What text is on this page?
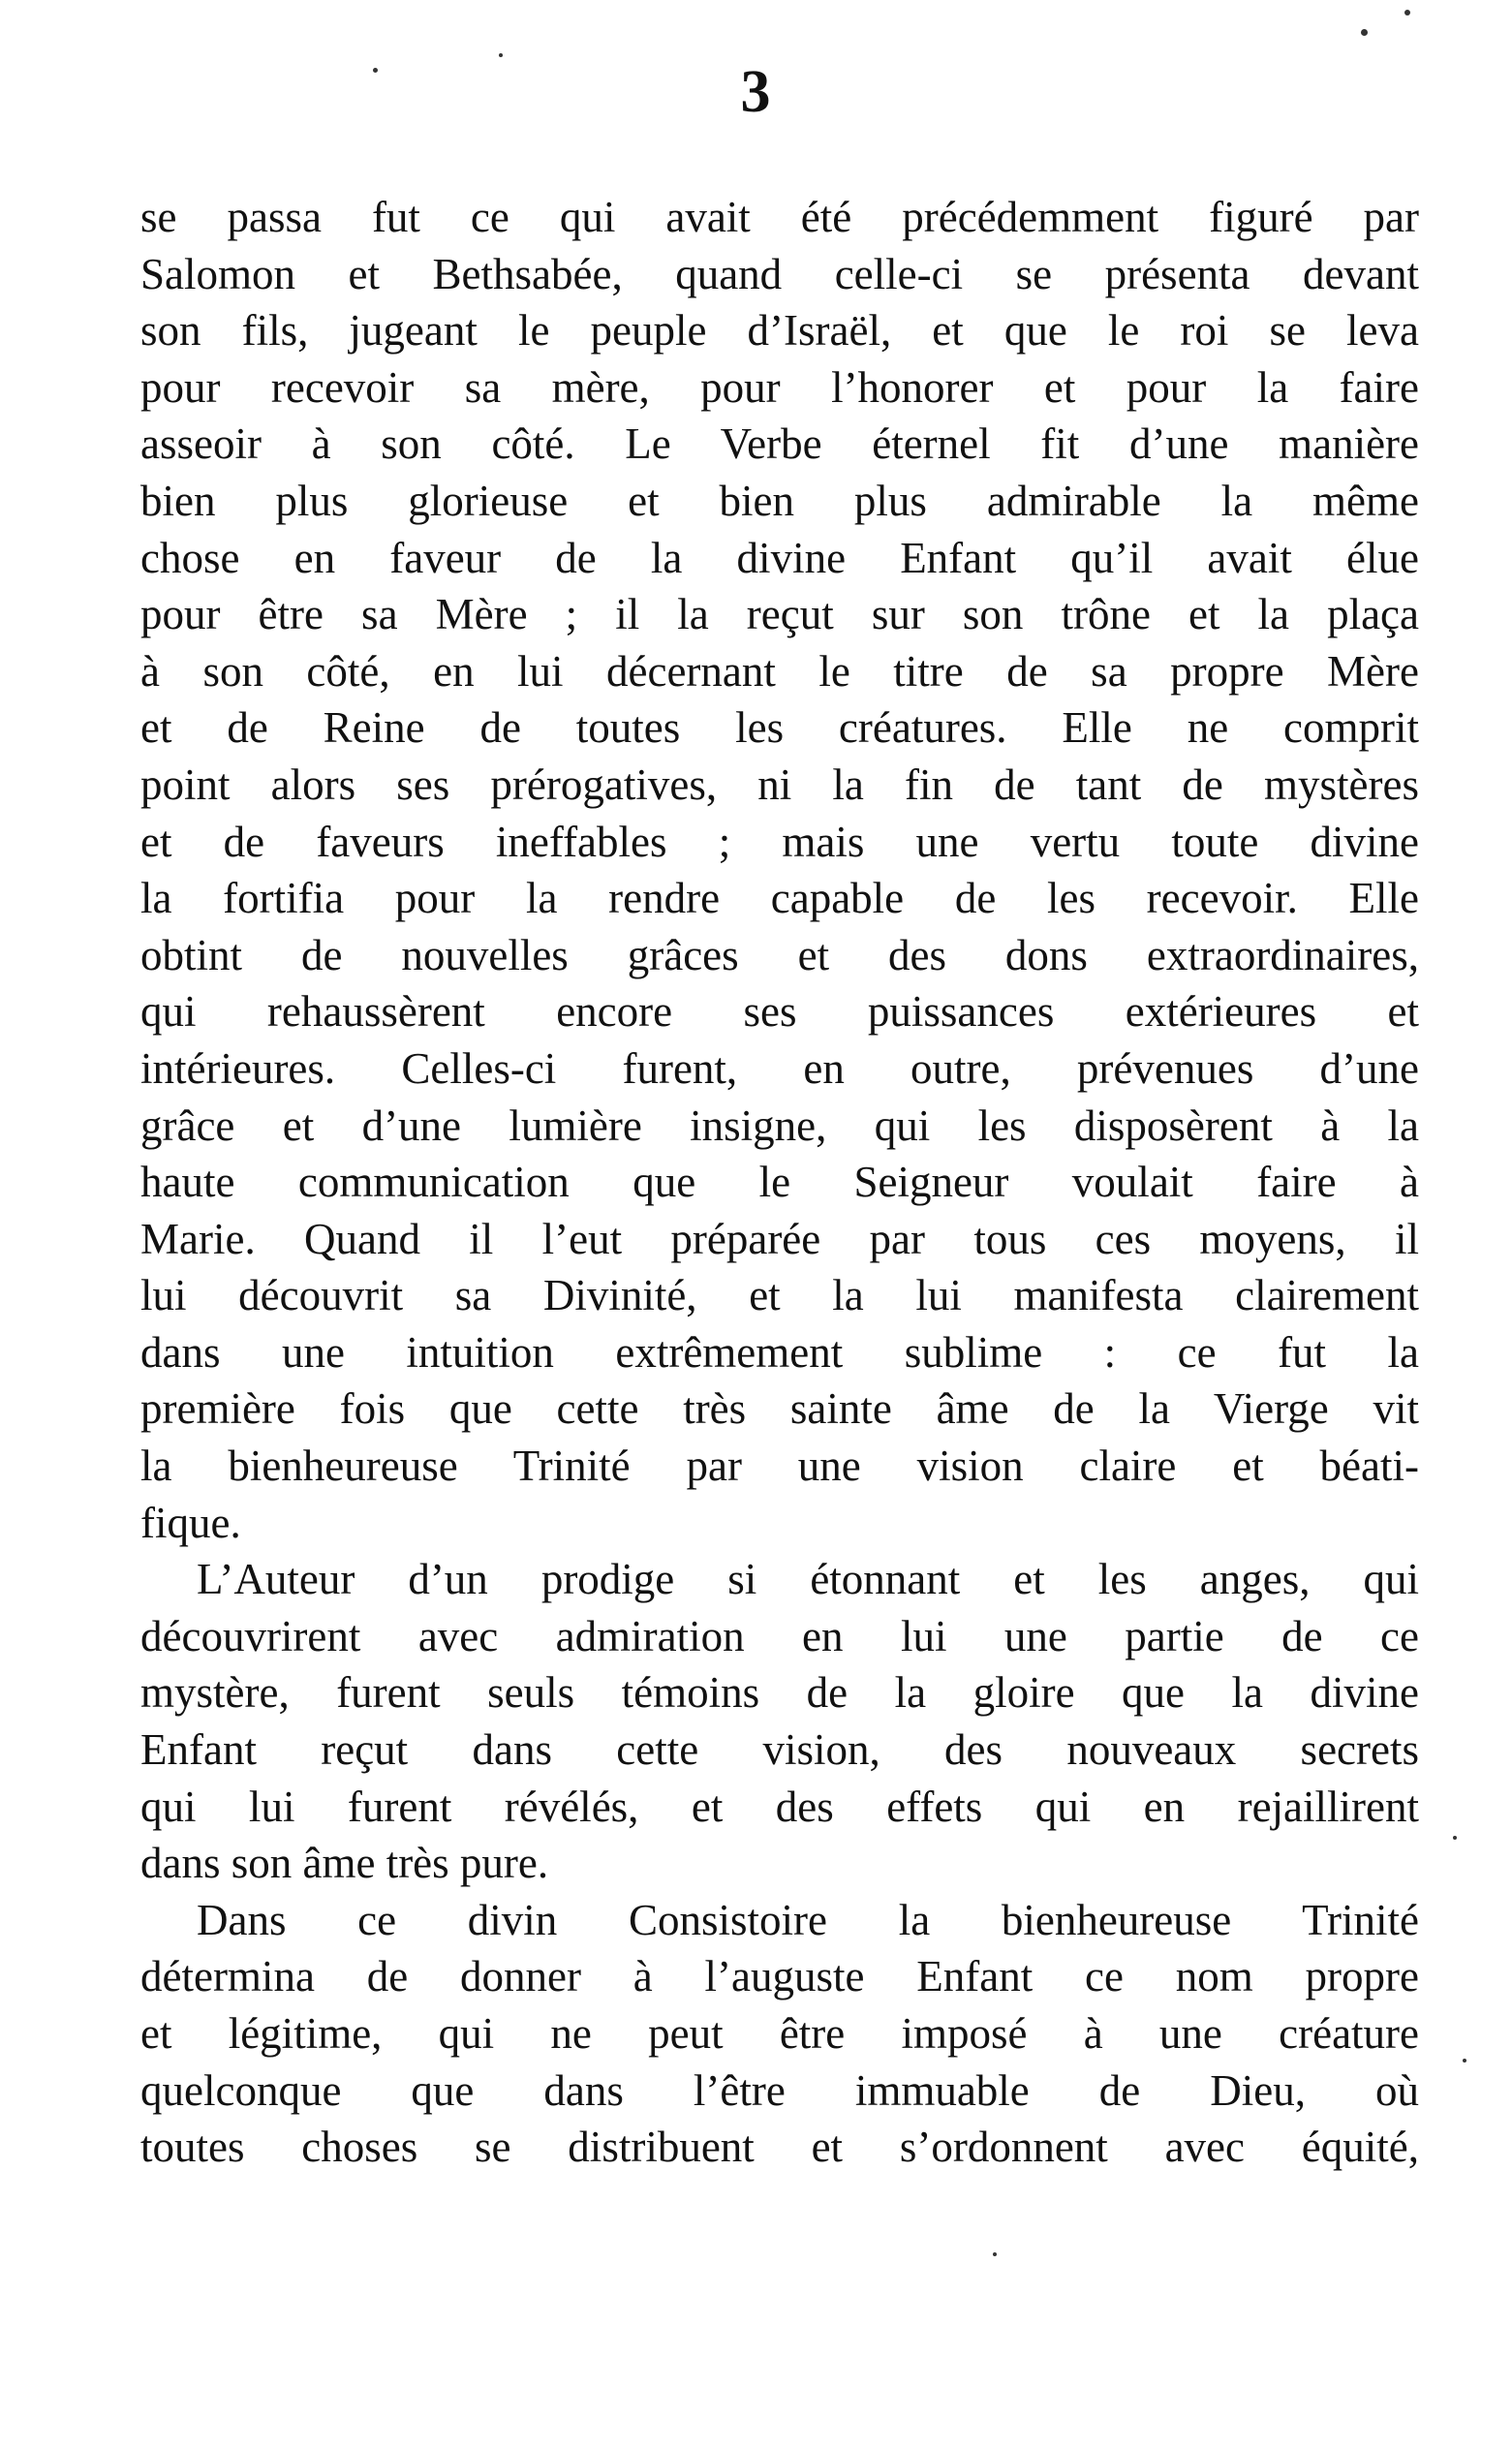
3
se passa fut ce qui avait été précédemment figuré par
Salomon et Bethsabée, quand celle-ci se présenta devant
son fils, jugeant le peuple d’Israël, et que le roi se leva
pour recevoir sa mère, pour l’honorer et pour la faire
asseoir à son côté. Le Verbe éternel fit d’une manière
bien plus glorieuse et bien plus admirable la même
chose en faveur de la divine Enfant qu’il avait élue
pour être sa Mère ; il la reçut sur son trône et la plaça
à son côté, en lui décernant le titre de sa propre Mère
et de Reine de toutes les créatures. Elle ne comprit
point alors ses prérogatives, ni la fin de tant de mystères
et de faveurs ineffables ; mais une vertu toute divine
la fortifia pour la rendre capable de les recevoir. Elle
obtint de nouvelles grâces et des dons extraordinaires,
qui rehaussèrent encore ses puissances extérieures et
intérieures. Celles-ci furent, en outre, prévenues d’une
grâce et d’une lumière insigne, qui les disposèrent à la
haute communication que le Seigneur voulait faire à
Marie. Quand il l’eut préparée par tous ces moyens, il
lui découvrit sa Divinité, et la lui manifesta clairement
dans une intuition extrêmement sublime : ce fut la
première fois que cette très sainte âme de la Vierge vit
la bienheureuse Trinité par une vision claire et béati-
fique.
L’Auteur d’un prodige si étonnant et les anges, qui
découvrirent avec admiration en lui une partie de ce
mystère, furent seuls témoins de la gloire que la divine
Enfant reçut dans cette vision, des nouveaux secrets
qui lui furent révélés, et des effets qui en rejaillirent
dans son âme très pure.
Dans ce divin Consistoire la bienheureuse Trinité
détermina de donner à l’auguste Enfant ce nom propre
et légitime, qui ne peut être imposé à une créature
quelconque que dans l’être immuable de Dieu, où
toutes choses se distribuent et s’ordonnent avec équité,
